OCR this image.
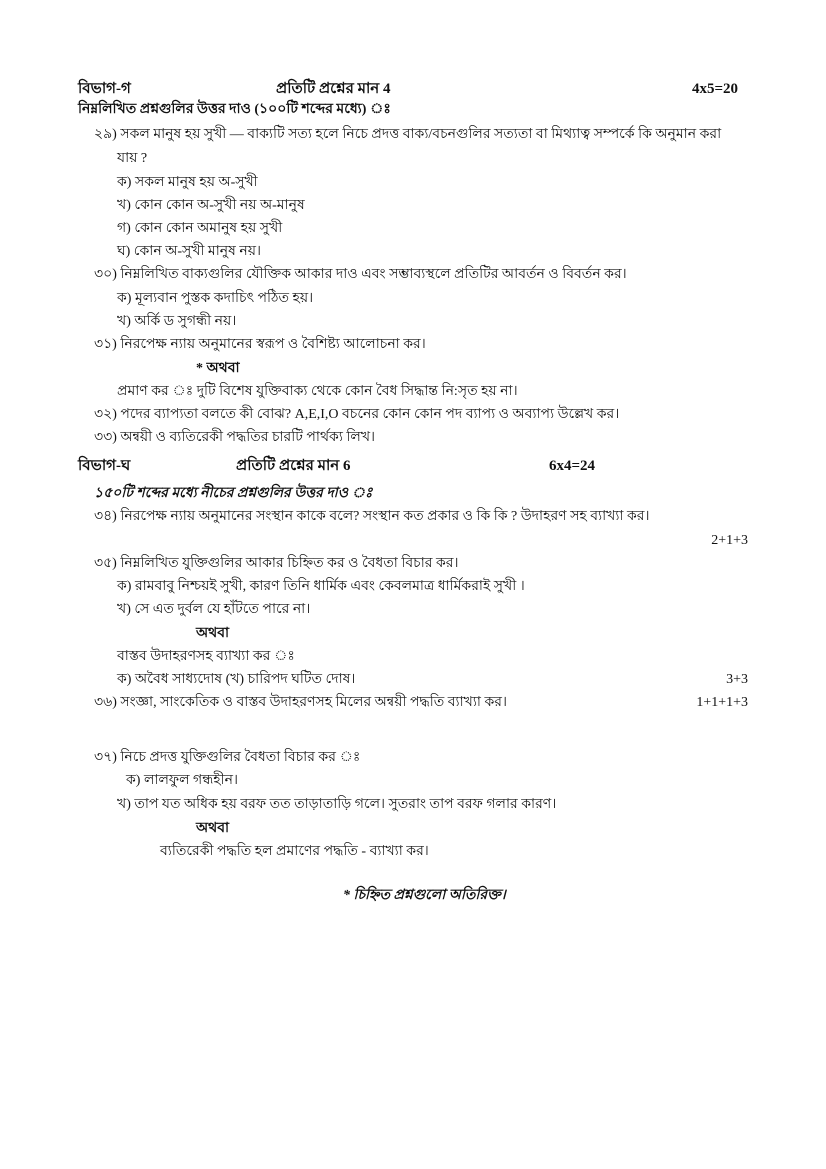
বিভাগ-গ	প্রতিটি প্রশ্নের মান 4	4x5=20
নিম্নলিখিত প্রশ্নগুলির উত্তর দাও (১০০টি শব্দের মধ্যে) ঃ
২৯) সকল মানুষ হয় সুখী — বাক্যটি সত্য হলে নিচে প্রদত্ত বাক্য/বচনগুলির সত্যতা বা মিথ্যাত্ব সম্পর্কে কি অনুমান করা
যায় ?
ক) সকল মানুষ হয় অ-সুখী
খ) কোন কোন অ-সুখী নয় অ-মানুষ
গ) কোন কোন অমানুষ হয় সুখী
ঘ) কোন অ-সুখী মানুষ নয়।
৩০) নিম্নলিখিত বাক্যগুলির যৌক্তিক আকার দাও এবং সম্ভাব্যস্থলে প্রতিটির আবর্তন ও বিবর্তন কর।
ক) মূল্যবান পুস্তক কদাচিৎ পঠিত হয়।
খ) অর্কি ড সুগন্ধী নয়।
৩১) নিরপেক্ষ ন্যায় অনুমানের স্বরূপ ও বৈশিষ্ট্য আলোচনা কর।
* অথবা
প্রমাণ কর ঃ দুটি বিশেষ যুক্তিবাক্য থেকে কোন বৈধ সিদ্ধান্ত নি:সৃত হয় না।
৩২) পদের ব্যাপ্যতা বলতে কী বোঝ? A,E,I,O বচনের কোন কোন পদ ব্যাপ্য ও অব্যাপ্য উল্লেখ কর।
৩৩) অন্বয়ী ও ব্যতিরেকী পদ্ধতির চারটি পার্থক্য লিখ।
বিভাগ-ঘ	প্রতিটি প্রশ্নের মান 6	6x4=24
১৫০টি শব্দের মধ্যে নীচের প্রশ্নগুলির উত্তর দাও ঃ
৩৪) নিরপেক্ষ ন্যায় অনুমানের সংস্থান কাকে বলে? সংস্থান কত প্রকার ও কি কি ? উদাহরণ সহ ব্যাখ্যা কর।
2+1+3
৩৫) নিম্নলিখিত যুক্তিগুলির আকার চিহ্নিত কর ও বৈধতা বিচার কর।
ক) রামবাবু নিশ্চয়ই সুখী, কারণ তিনি ধার্মিক এবং কেবলমাত্র ধার্মিকরাই সুখী ।
খ) সে এত দুর্বল যে হাঁটতে পারে না।
অথবা
বাস্তব উদাহরণসহ ব্যাখ্যা কর ঃ
ক) অবৈধ সাধ্যদোষ (খ) চারিপদ ঘটিত দোষ।	3+3
৩৬) সংজ্ঞা, সাংকেতিক ও বাস্তব উদাহরণসহ মিলের অন্বয়ী পদ্ধতি ব্যাখ্যা কর।	1+1+1+3
৩৭) নিচে প্রদত্ত যুক্তিগুলির বৈধতা বিচার কর ঃ
ক) লালফুল গন্ধহীন।
খ) তাপ যত অধিক হয় বরফ তত তাড়াতাড়ি গলে। সুতরাং তাপ বরফ গলার কারণ।
অথবা
ব্যতিরেকী পদ্ধতি হল প্রমাণের পদ্ধতি - ব্যাখ্যা কর।
* চিহ্নিত প্রশ্নগুলো অতিরিক্ত।
